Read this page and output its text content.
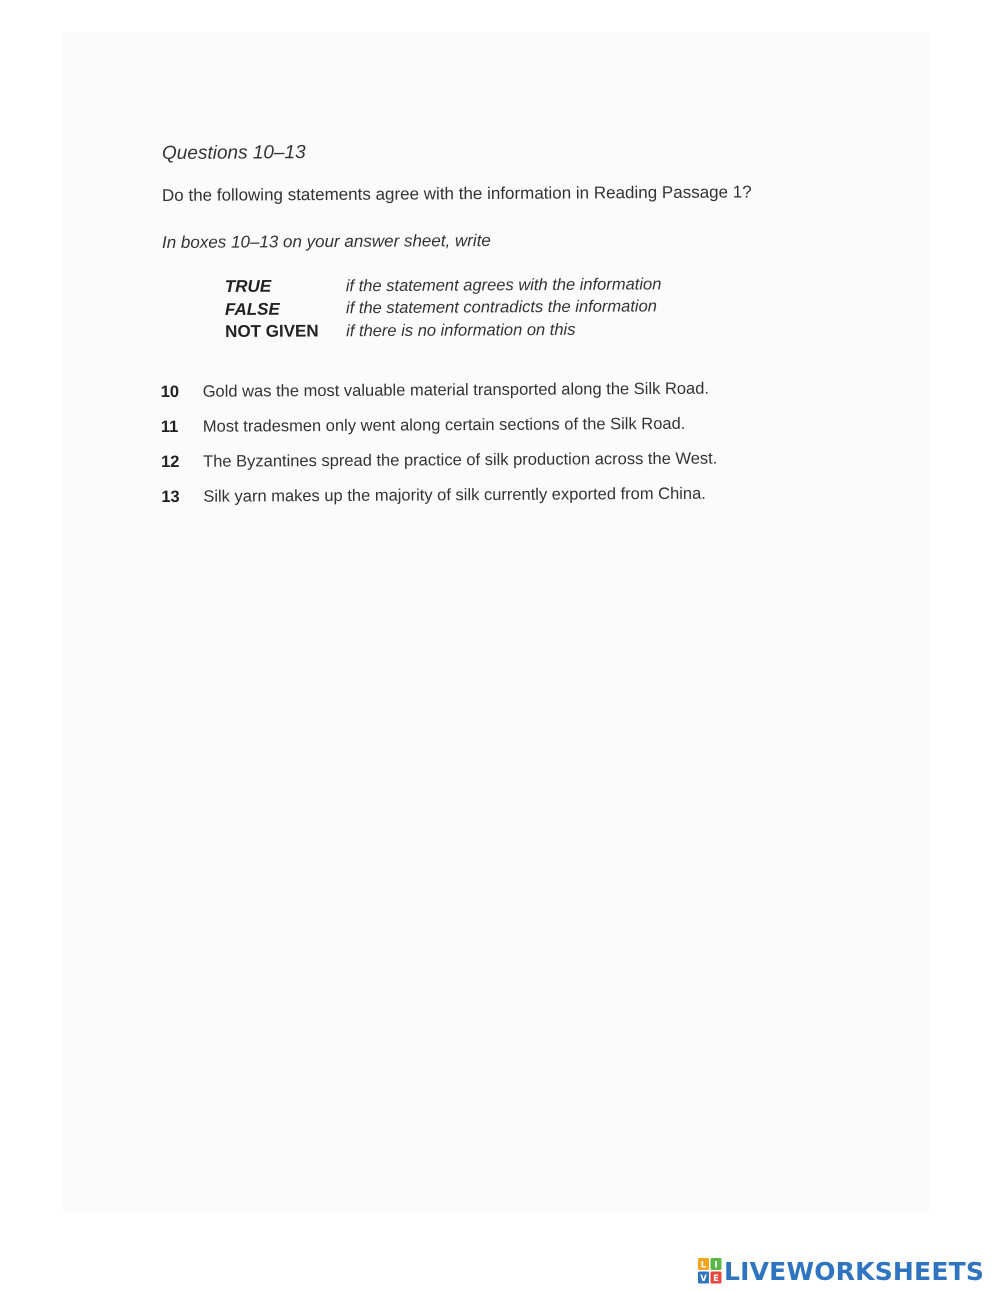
Questions 10–13
Do the following statements agree with the information in Reading Passage 1?
In boxes 10–13 on your answer sheet, write
TRUE	if the statement agrees with the information
FALSE	if the statement contradicts the information
NOT GIVEN	if there is no information on this
10	Gold was the most valuable material transported along the Silk Road.
11	Most tradesmen only went along certain sections of the Silk Road.
12	The Byzantines spread the practice of silk production across the West.
13	Silk yarn makes up the majority of silk currently exported from China.
L I
V E LIVEWORKSHEETS
